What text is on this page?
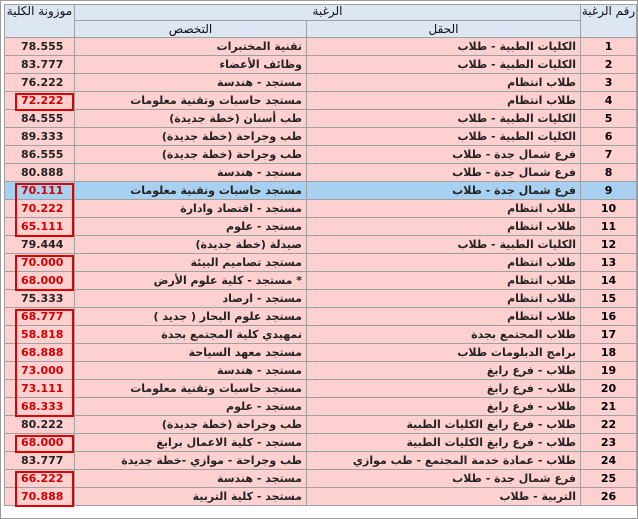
موزونة الكلية	الرغبة		رقم الرغبة
	التخصص	الحقل	
78.555	تقنية المختبرات	الكليات الطبية - طلاب	1
83.777	وظائف الأعضاء	الكليات الطبية - طلاب	2
76.222	مستجد - هندسة	طلاب انتظام	3
72.222	مستجد حاسبات وتقنية معلومات	طلاب انتظام	4
84.555	طب أسنان (خطة جديدة)	الكليات الطبية - طلاب	5
89.333	طب وجراحة (خطة جديدة)	الكليات الطبية - طلاب	6
86.555	طب وجراحة (خطة جديدة)	فرع شمال جدة - طلاب	7
80.888	مستجد - هندسة	فرع شمال جدة - طلاب	8
70.111	مستجد حاسبات وتقنية معلومات	فرع شمال جدة - طلاب	9
70.222	مستجد - اقتصاد وادارة	طلاب انتظام	10
65.111	مستجد - علوم	طلاب انتظام	11
79.444	صيدلة (خطة جديدة)	الكليات الطبية - طلاب	12
70.000	مستجد تصاميم البيئة	طلاب انتظام	13
68.000	مستجد - كلية علوم الأرض *	طلاب انتظام	14
75.333	مستجد - ارصاد	طلاب انتظام	15
68.777	مستجد علوم البحار ( جديد )	طلاب انتظام	16
58.818	تمهيدي كلية المجتمع بجدة	طلاب المجتمع بجدة	17
68.888	مستجد معهد السياحة	برامج الدبلومات طلاب	18
73.000	مستجد - هندسة	طلاب - فرع رابغ	19
73.111	مستجد حاسبات وتقنية معلومات	طلاب - فرع رابغ	20
68.333	مستجد - علوم	طلاب - فرع رابغ	21
80.222	طب وجراحة (خطة جديدة)	طلاب - فرع رابغ الكليات الطبية	22
68.000	مستجد - كلية الاعمال برابغ	طلاب - فرع رابغ الكليات الطبية	23
83.777	طب وجراحة - موازي -خطة جديدة	طلاب - عمادة خدمة المجتمع - طب موازي	24
66.222	مستجد - هندسة	فرع شمال جدة - طلاب	25
70.888	مستجد - كلية التربية	التربية - طلاب	26
